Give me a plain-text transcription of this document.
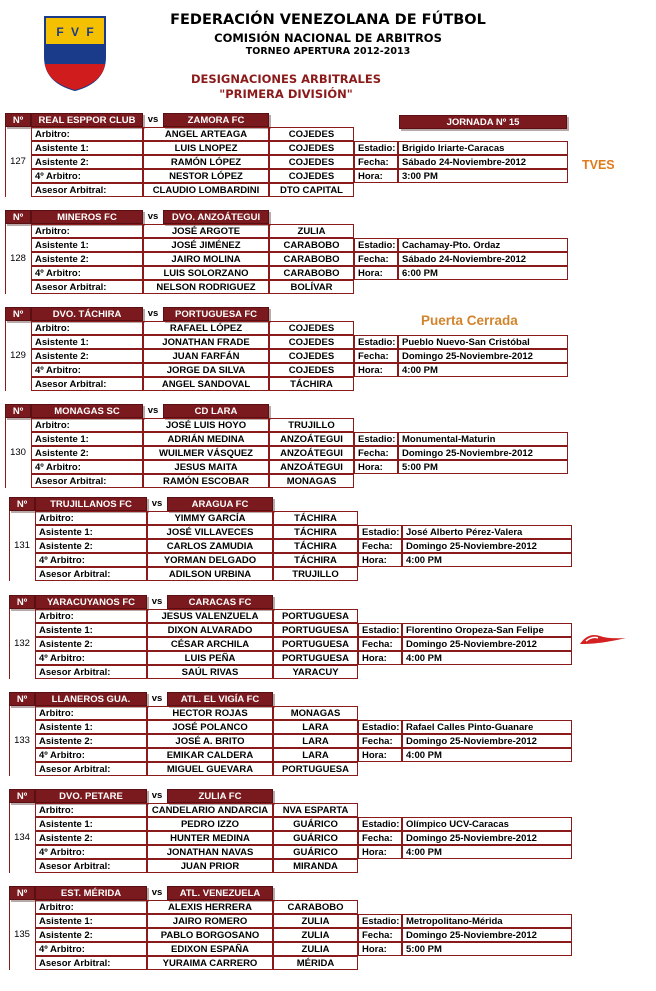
F V F
FEDERACIÓN VENEZOLANA DE FÚTBOL
COMISIÓN NACIONAL DE ARBITROS
TORNEO APERTURA 2012-2013
DESIGNACIONES ARBITRALES
"PRIMERA DIVISIÓN"
JORNADA Nº 15
TVES
Puerta Cerrada
Nº	REAL ESPPOR CLUB	vs	ZAMORA FC
127
Arbitro:	ANGEL ARTEAGA	COJEDES
Asistente 1:	LUIS LNOPEZ	COJEDES
Asistente 2:	RAMÓN LÓPEZ	COJEDES
4º Arbitro:	NESTOR LÓPEZ	COJEDES
Asesor Arbitral:	CLAUDIO LOMBARDINI	DTO CAPITAL
Estadio: Brigido Iriarte-Caracas
Fecha:	Sábado 24-Noviembre-2012
Hora:	3:00 PM
Nº	MINEROS FC	vs	DVO. ANZOÁTEGUI
128
Arbitro:	JOSÉ ARGOTE	ZULIA
Asistente 1:	JOSÉ JIMÉNEZ	CARABOBO
Asistente 2:	JAIRO MOLINA	CARABOBO
4º Arbitro:	LUIS SOLORZANO	CARABOBO
Asesor Arbitral:	NELSON RODRIGUEZ	BOLÍVAR
Estadio: Cachamay-Pto. Ordaz
Fecha:	Sábado 24-Noviembre-2012
Hora:	6:00 PM
Nº	DVO. TÁCHIRA	vs	PORTUGUESA FC
129
Arbitro:	RAFAEL LÓPEZ	COJEDES
Asistente 1:	JONATHAN FRADE	COJEDES
Asistente 2:	JUAN FARFÁN	COJEDES
4º Arbitro:	JORGE DA SILVA	COJEDES
Asesor Arbitral:	ANGEL SANDOVAL	TÁCHIRA
Estadio: Pueblo Nuevo-San Cristóbal
Fecha:	Domingo 25-Noviembre-2012
Hora:	4:00 PM
Nº	MONAGAS SC	vs	CD LARA
130
Arbitro:	JOSÉ LUIS HOYO	TRUJILLO
Asistente 1:	ADRIÁN MEDINA	ANZOÁTEGUI
Asistente 2:	WUILMER VÁSQUEZ	ANZOÁTEGUI
4º Arbitro:	JESUS MAITA	ANZOÁTEGUI
Asesor Arbitral:	RAMÓN ESCOBAR	MONAGAS
Estadio: Monumental-Maturin
Fecha:	Domingo 25-Noviembre-2012
Hora:	5:00 PM
Nº	TRUJILLANOS FC	vs	ARAGUA FC
131
Arbitro:	YIMMY GARCÍA	TÁCHIRA
Asistente 1:	JOSÉ VILLAVECES	TÁCHIRA
Asistente 2:	CARLOS ZAMUDIA	TÁCHIRA
4º Arbitro:	YORMAN DELGADO	TÁCHIRA
Asesor Arbitral:	ADILSON URBINA	TRUJILLO
Estadio: José Alberto Pérez-Valera
Fecha:	Domingo 25-Noviembre-2012
Hora:	4:00 PM
Nº	YARACUYANOS FC	vs	CARACAS FC
132
Arbitro:	JESUS VALENZUELA	PORTUGUESA
Asistente 1:	DIXON ALVARADO	PORTUGUESA
Asistente 2:	CÉSAR ARCHILA	PORTUGUESA
4º Arbitro:	LUIS PEÑA	PORTUGUESA
Asesor Arbitral:	SAÚL RIVAS	YARACUY
Estadio: Florentino Oropeza-San Felipe
Fecha:	Domingo 25-Noviembre-2012
Hora:	4:00 PM
Nº	LLANEROS GUA.	vs	ATL. EL VIGÍA FC
133
Arbitro:	HECTOR ROJAS	MONAGAS
Asistente 1:	JOSÉ POLANCO	LARA
Asistente 2:	JOSÉ A. BRITO	LARA
4º Arbitro:	EMIKAR CALDERA	LARA
Asesor Arbitral:	MIGUEL GUEVARA	PORTUGUESA
Estadio: Rafael Calles Pinto-Guanare
Fecha:	Domingo 25-Noviembre-2012
Hora:	4:00 PM
Nº	DVO. PETARE	vs	ZULIA FC
134
Arbitro:	CANDELARIO ANDARCIA	NVA ESPARTA
Asistente 1:	PEDRO IZZO	GUÁRICO
Asistente 2:	HUNTER MEDINA	GUÁRICO
4º Arbitro:	JONATHAN NAVAS	GUÁRICO
Asesor Arbitral:	JUAN PRIOR	MIRANDA
Estadio: Olímpico UCV-Caracas
Fecha:	Domingo 25-Noviembre-2012
Hora:	4:00 PM
Nº	EST. MÉRIDA	vs	ATL. VENEZUELA
135
Arbitro:	ALEXIS HERRERA	CARABOBO
Asistente 1:	JAIRO ROMERO	ZULIA
Asistente 2:	PABLO BORGOSANO	ZULIA
4º Arbitro:	EDIXON ESPAÑA	ZULIA
Asesor Arbitral:	YURAIMA CARRERO	MÉRIDA
Estadio: Metropolitano-Mérida
Fecha:	Domingo 25-Noviembre-2012
Hora:	5:00 PM
